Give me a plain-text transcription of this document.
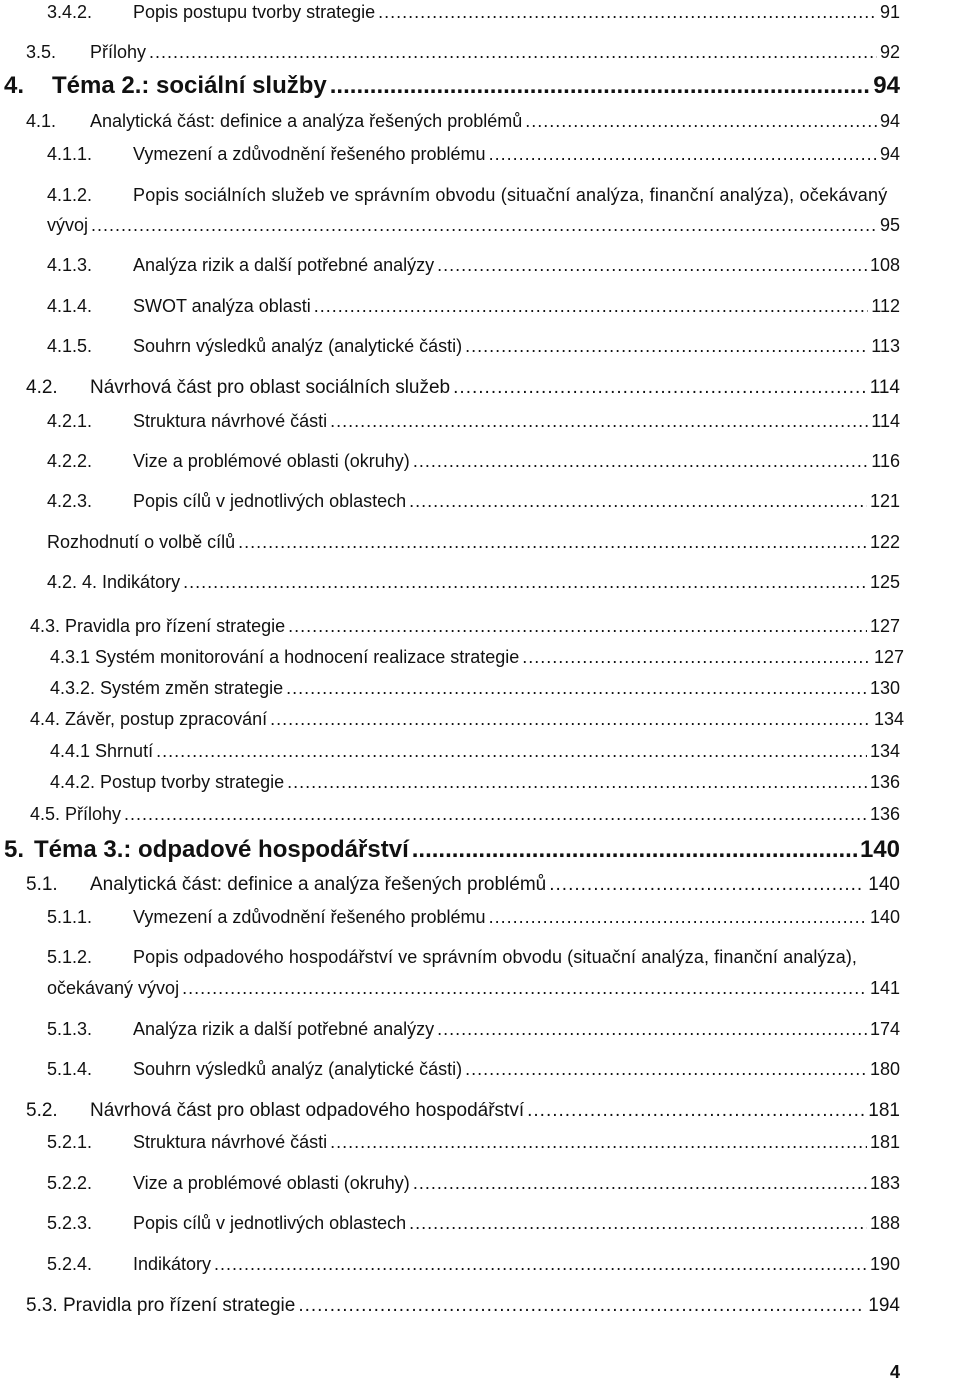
3.4.2.	Popis postupu tvorby strategie .....	91
3.5.	Přílohy .....	92
4.	Téma 2.: sociální služby .....	94
4.1.	Analytická část: definice a analýza řešených problémů .....	94
4.1.1.	Vymezení a zdůvodnění řešeného problému .....	94
4.1.2.	Popis sociálních služeb ve správním obvodu (situační analýza, finanční analýza), očekávaný
vývoj .....	95
4.1.3.	Analýza rizik a další potřebné analýzy .....	108
4.1.4.	SWOT analýza oblasti .....	112
4.1.5.	Souhrn výsledků analýz (analytické části) .....	113
4.2.	Návrhová část pro oblast sociálních služeb .....	114
4.2.1.	Struktura návrhové části .....	114
4.2.2.	Vize a problémové oblasti (okruhy) .....	116
4.2.3.	Popis cílů v jednotlivých oblastech .....	121
Rozhodnutí o volbě cílů .....	122
4.2. 4. Indikátory .....	125
4.3. Pravidla pro řízení strategie .....	127
4.3.1 Systém monitorování a hodnocení realizace strategie .....	127
4.3.2. Systém změn strategie .....	130
4.4. Závěr, postup zpracování .....	134
4.4.1 Shrnutí .....	134
4.4.2. Postup tvorby strategie .....	136
4.5. Přílohy .....	136
5. Téma 3.: odpadové hospodářství .....	140
5.1.	Analytická část: definice a analýza řešených problémů .....	140
5.1.1.	Vymezení a zdůvodnění řešeného problému .....	140
5.1.2.	Popis odpadového hospodářství ve správním obvodu (situační analýza, finanční analýza),
očekávaný vývoj .....	141
5.1.3.	Analýza rizik a další potřebné analýzy .....	174
5.1.4.	Souhrn výsledků analýz (analytické části) .....	180
5.2.	Návrhová část pro oblast odpadového hospodářství .....	181
5.2.1.	Struktura návrhové části .....	181
5.2.2.	Vize a problémové oblasti (okruhy) .....	183
5.2.3.	Popis cílů v jednotlivých oblastech .....	188
5.2.4.	Indikátory .....	190
5.3. Pravidla pro řízení strategie .....	194
4
